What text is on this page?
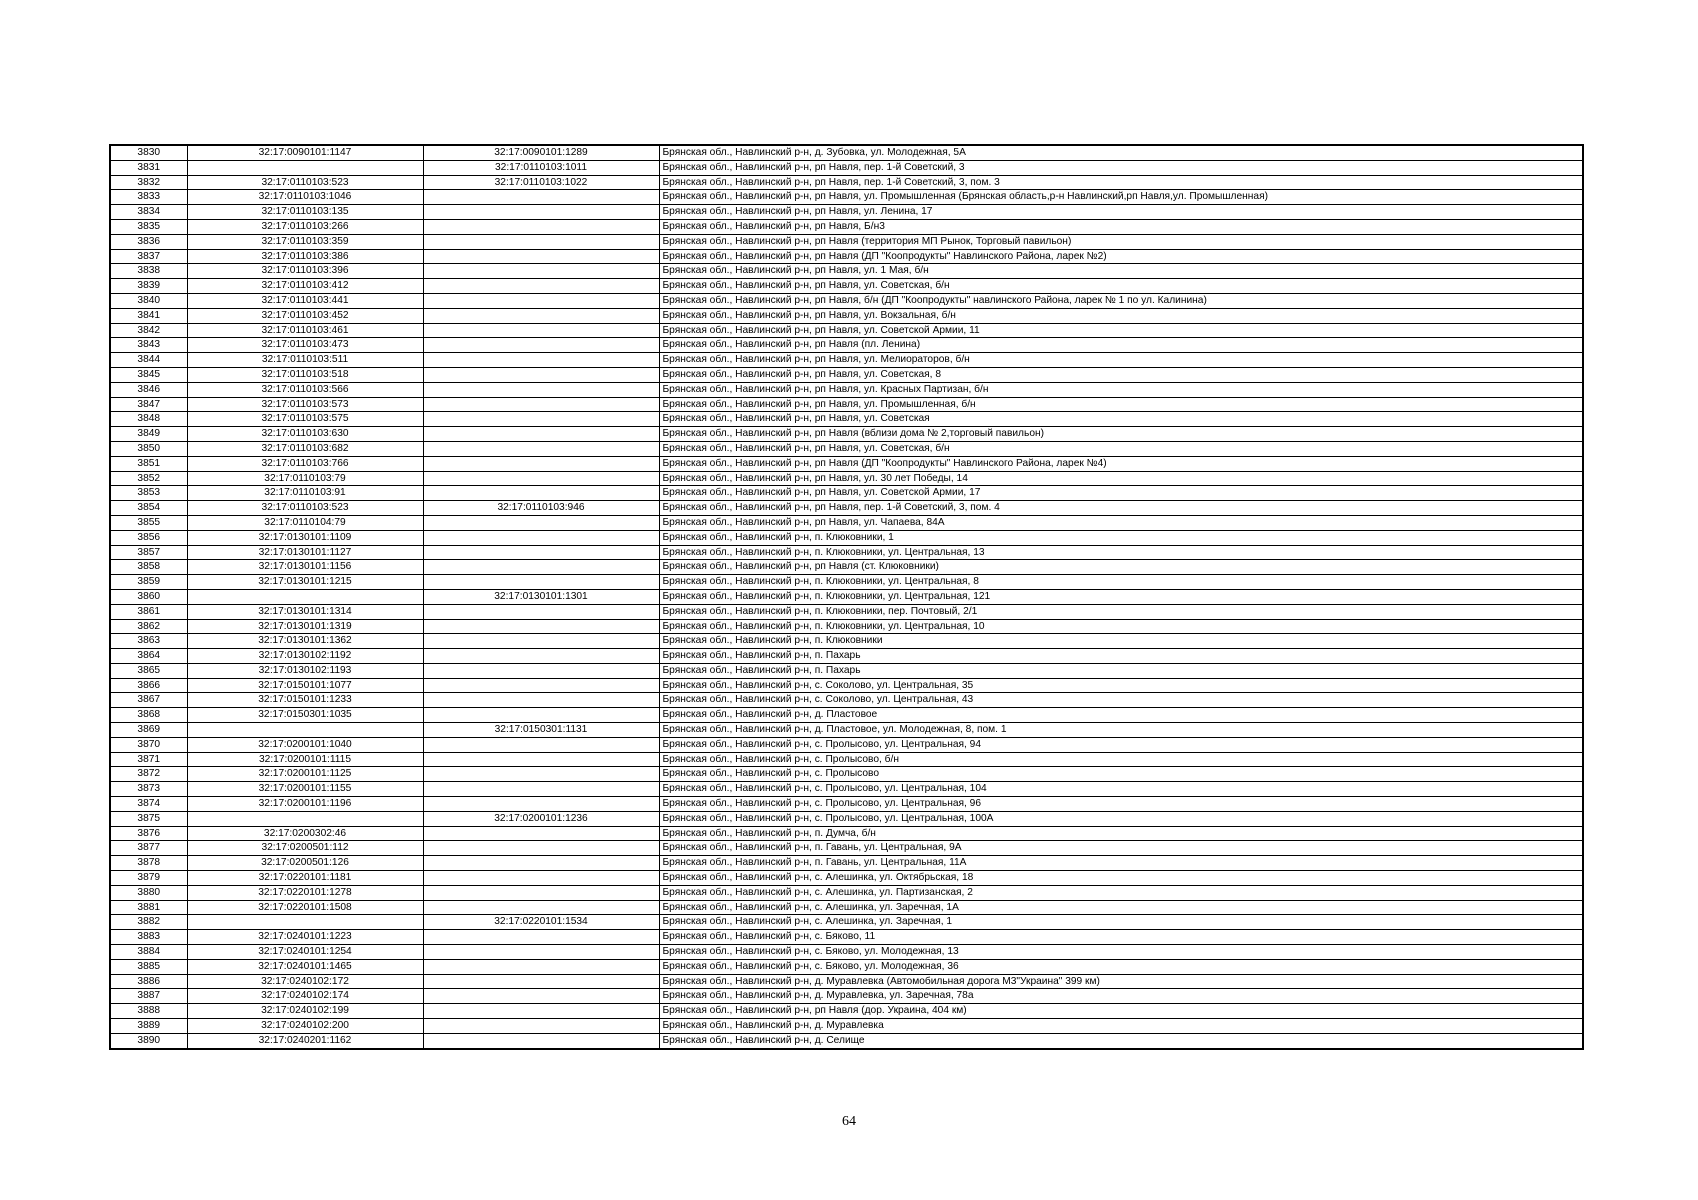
3830	32:17:0090101:1147	32:17:0090101:1289	Брянская обл., Навлинский р-н, д. Зубовка, ул. Молодежная, 5А
3831		32:17:0110103:1011	Брянская обл., Навлинский р-н, рп Навля, пер. 1-й Советский, 3
3832	32:17:0110103:523	32:17:0110103:1022	Брянская обл., Навлинский р-н, рп Навля, пер. 1-й Советский, 3, пом. 3
3833	32:17:0110103:1046		Брянская обл., Навлинский р-н, рп Навля, ул. Промышленная (Брянская область,р-н Навлинский,рп Навля,ул. Промышленная)
3834	32:17:0110103:135		Брянская обл., Навлинский р-н, рп Навля, ул. Ленина, 17
3835	32:17:0110103:266		Брянская обл., Навлинский р-н, рп Навля, Б/н3
3836	32:17:0110103:359		Брянская обл., Навлинский р-н, рп Навля (территория МП Рынок, Торговый павильон)
3837	32:17:0110103:386		Брянская обл., Навлинский р-н, рп Навля (ДП "Коопродукты" Навлинского Района, ларек №2)
3838	32:17:0110103:396		Брянская обл., Навлинский р-н, рп Навля, ул. 1 Мая, б/н
3839	32:17:0110103:412		Брянская обл., Навлинский р-н, рп Навля, ул. Советская, б/н
3840	32:17:0110103:441		Брянская обл., Навлинский р-н, рп Навля, б/н (ДП "Коопродукты" навлинского Района, ларек № 1 по ул. Калинина)
3841	32:17:0110103:452		Брянская обл., Навлинский р-н, рп Навля, ул. Вокзальная, б/н
3842	32:17:0110103:461		Брянская обл., Навлинский р-н, рп Навля, ул. Советской Армии, 11
3843	32:17:0110103:473		Брянская обл., Навлинский р-н, рп Навля (пл. Ленина)
3844	32:17:0110103:511		Брянская обл., Навлинский р-н, рп Навля, ул. Мелиораторов, б/н
3845	32:17:0110103:518		Брянская обл., Навлинский р-н, рп Навля, ул. Советская, 8
3846	32:17:0110103:566		Брянская обл., Навлинский р-н, рп Навля, ул. Красных Партизан, б/н
3847	32:17:0110103:573		Брянская обл., Навлинский р-н, рп Навля, ул. Промышленная, б/н
3848	32:17:0110103:575		Брянская обл., Навлинский р-н, рп Навля, ул. Советская
3849	32:17:0110103:630		Брянская обл., Навлинский р-н, рп Навля (вблизи дома № 2,торговый павильон)
3850	32:17:0110103:682		Брянская обл., Навлинский р-н, рп Навля, ул. Советская, б/н
3851	32:17:0110103:766		Брянская обл., Навлинский р-н, рп Навля (ДП "Коопродукты" Навлинского Района, ларек №4)
3852	32:17:0110103:79		Брянская обл., Навлинский р-н, рп Навля, ул. 30 лет Победы, 14
3853	32:17:0110103:91		Брянская обл., Навлинский р-н, рп Навля, ул. Советской Армии, 17
3854	32:17:0110103:523	32:17:0110103:946	Брянская обл., Навлинский р-н, рп Навля, пер. 1-й Советский, 3, пом. 4
3855	32:17:0110104:79		Брянская обл., Навлинский р-н, рп Навля, ул. Чапаева, 84А
3856	32:17:0130101:1109		Брянская обл., Навлинский р-н, п. Клюковники, 1
3857	32:17:0130101:1127		Брянская обл., Навлинский р-н, п. Клюковники, ул. Центральная, 13
3858	32:17:0130101:1156		Брянская обл., Навлинский р-н, рп Навля (ст. Клюковники)
3859	32:17:0130101:1215		Брянская обл., Навлинский р-н, п. Клюковники, ул. Центральная, 8
3860		32:17:0130101:1301	Брянская обл., Навлинский р-н, п. Клюковники, ул. Центральная, 121
3861	32:17:0130101:1314		Брянская обл., Навлинский р-н, п. Клюковники, пер. Почтовый, 2/1
3862	32:17:0130101:1319		Брянская обл., Навлинский р-н, п. Клюковники, ул. Центральная, 10
3863	32:17:0130101:1362		Брянская обл., Навлинский р-н, п. Клюковники
3864	32:17:0130102:1192		Брянская обл., Навлинский р-н, п. Пахарь
3865	32:17:0130102:1193		Брянская обл., Навлинский р-н, п. Пахарь
3866	32:17:0150101:1077		Брянская обл., Навлинский р-н, с. Соколово, ул. Центральная, 35
3867	32:17:0150101:1233		Брянская обл., Навлинский р-н, с. Соколово, ул. Центральная, 43
3868	32:17:0150301:1035		Брянская обл., Навлинский р-н, д. Пластовое
3869		32:17:0150301:1131	Брянская обл., Навлинский р-н, д. Пластовое, ул. Молодежная, 8, пом. 1
3870	32:17:0200101:1040		Брянская обл., Навлинский р-н, с. Пролысово, ул. Центральная, 94
3871	32:17:0200101:1115		Брянская обл., Навлинский р-н, с. Пролысово, б/н
3872	32:17:0200101:1125		Брянская обл., Навлинский р-н, с. Пролысово
3873	32:17:0200101:1155		Брянская обл., Навлинский р-н, с. Пролысово, ул. Центральная, 104
3874	32:17:0200101:1196		Брянская обл., Навлинский р-н, с. Пролысово, ул. Центральная, 96
3875		32:17:0200101:1236	Брянская обл., Навлинский р-н, с. Пролысово, ул. Центральная, 100А
3876	32:17:0200302:46		Брянская обл., Навлинский р-н, п. Думча, б/н
3877	32:17:0200501:112		Брянская обл., Навлинский р-н, п. Гавань, ул. Центральная, 9А
3878	32:17:0200501:126		Брянская обл., Навлинский р-н, п. Гавань, ул. Центральная, 11А
3879	32:17:0220101:1181		Брянская обл., Навлинский р-н, с. Алешинка, ул. Октябрьская, 18
3880	32:17:0220101:1278		Брянская обл., Навлинский р-н, с. Алешинка, ул. Партизанская, 2
3881	32:17:0220101:1508		Брянская обл., Навлинский р-н, с. Алешинка, ул. Заречная, 1А
3882		32:17:0220101:1534	Брянская обл., Навлинский р-н, с. Алешинка, ул. Заречная, 1
3883	32:17:0240101:1223		Брянская обл., Навлинский р-н, с. Бяково, 11
3884	32:17:0240101:1254		Брянская обл., Навлинский р-н, с. Бяково, ул. Молодежная, 13
3885	32:17:0240101:1465		Брянская обл., Навлинский р-н, с. Бяково, ул. Молодежная, 36
3886	32:17:0240102:172		Брянская обл., Навлинский р-н, д. Муравлевка (Автомобильная дорога М3"Украина" 399 км)
3887	32:17:0240102:174		Брянская обл., Навлинский р-н, д. Муравлевка, ул. Заречная, 78а
3888	32:17:0240102:199		Брянская обл., Навлинский р-н, рп Навля (дор. Украина, 404 км)
3889	32:17:0240102:200		Брянская обл., Навлинский р-н, д. Муравлевка
3890	32:17:0240201:1162		Брянская обл., Навлинский р-н, д. Селище
64
